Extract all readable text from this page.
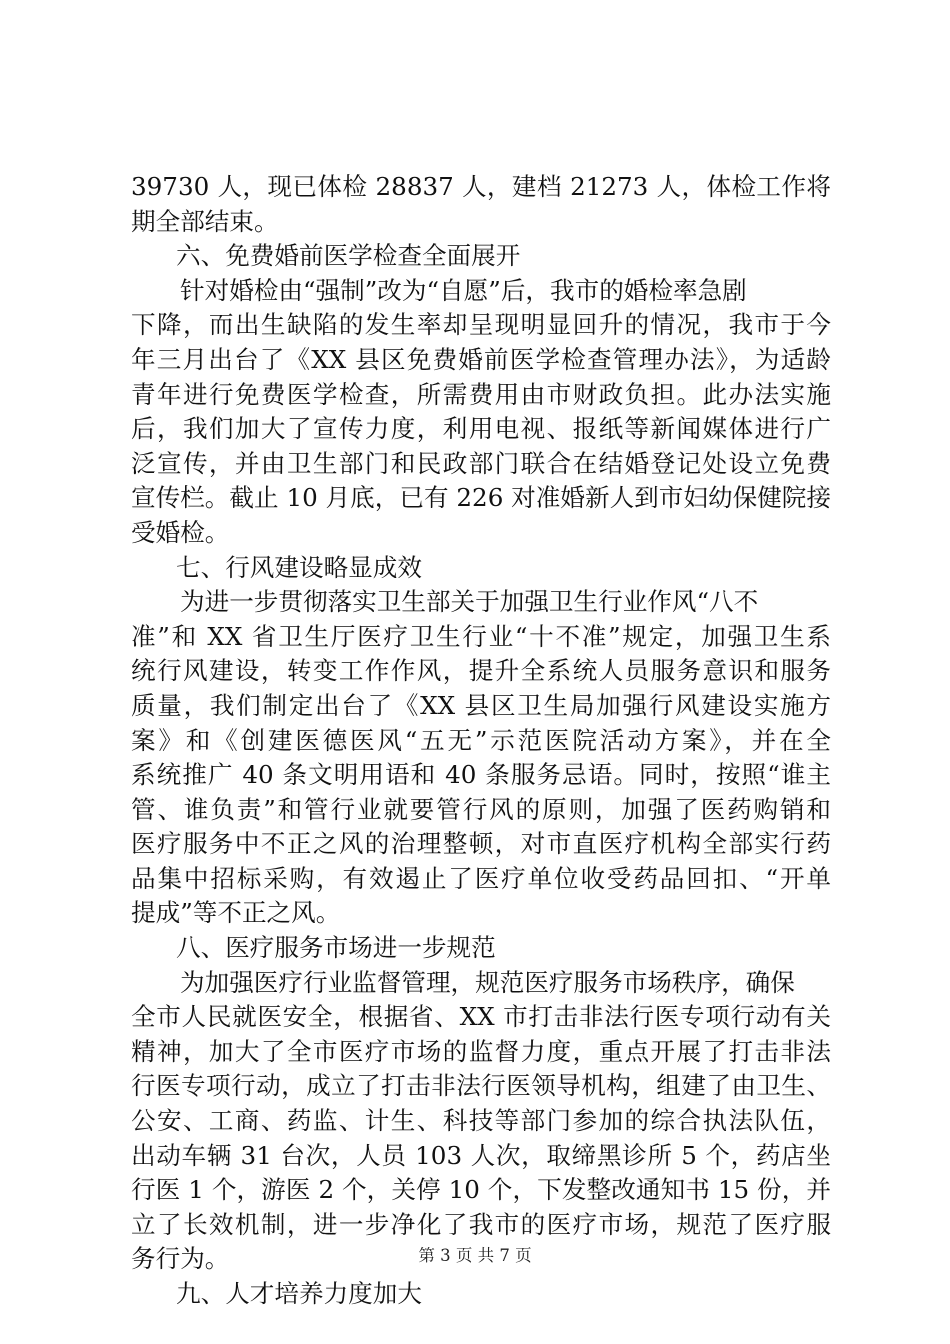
39730 人，现已体检 28837 人，建档 21273 人，体检工作将
期全部结束。
六、免费婚前医学检查全面展开
针对婚检由“强制”改为“自愿”后，我市的婚检率急剧
下降，而出生缺陷的发生率却呈现明显回升的情况，我市于今
年三月出台了《XX 县区免费婚前医学检查管理办法》，为适龄
青年进行免费医学检查，所需费用由市财政负担。此办法实施
后，我们加大了宣传力度，利用电视、报纸等新闻媒体进行广
泛宣传，并由卫生部门和民政部门联合在结婚登记处设立免费
宣传栏。截止 10 月底，已有 226 对准婚新人到市妇幼保健院接
受婚检。
七、行风建设略显成效
为进一步贯彻落实卫生部关于加强卫生行业作风“八不
准”和 XX 省卫生厅医疗卫生行业“十不准”规定，加强卫生系
统行风建设，转变工作作风，提升全系统人员服务意识和服务
质量，我们制定出台了《XX 县区卫生局加强行风建设实施方
案》和《创建医德医风“五无”示范医院活动方案》，并在全
系统推广 40 条文明用语和 40 条服务忌语。同时，按照“谁主
管、谁负责”和管行业就要管行风的原则，加强了医药购销和
医疗服务中不正之风的治理整顿，对市直医疗机构全部实行药
品集中招标采购，有效遏止了医疗单位收受药品回扣、“开单
提成”等不正之风。
八、医疗服务市场进一步规范
为加强医疗行业监督管理，规范医疗服务市场秩序，确保
全市人民就医安全，根据省、XX 市打击非法行医专项行动有关
精神，加大了全市医疗市场的监督力度，重点开展了打击非法
行医专项行动，成立了打击非法行医领导机构，组建了由卫生、
公安、工商、药监、计生、科技等部门参加的综合执法队伍，
出动车辆 31 台次，人员 103 人次，取缔黑诊所 5 个，药店坐
行医 1 个，游医 2 个，关停 10 个，下发整改通知书 15 份，并
立了长效机制，进一步净化了我市的医疗市场，规范了医疗服
务行为。
九、人才培养力度加大
第 3 页 共 7 页
